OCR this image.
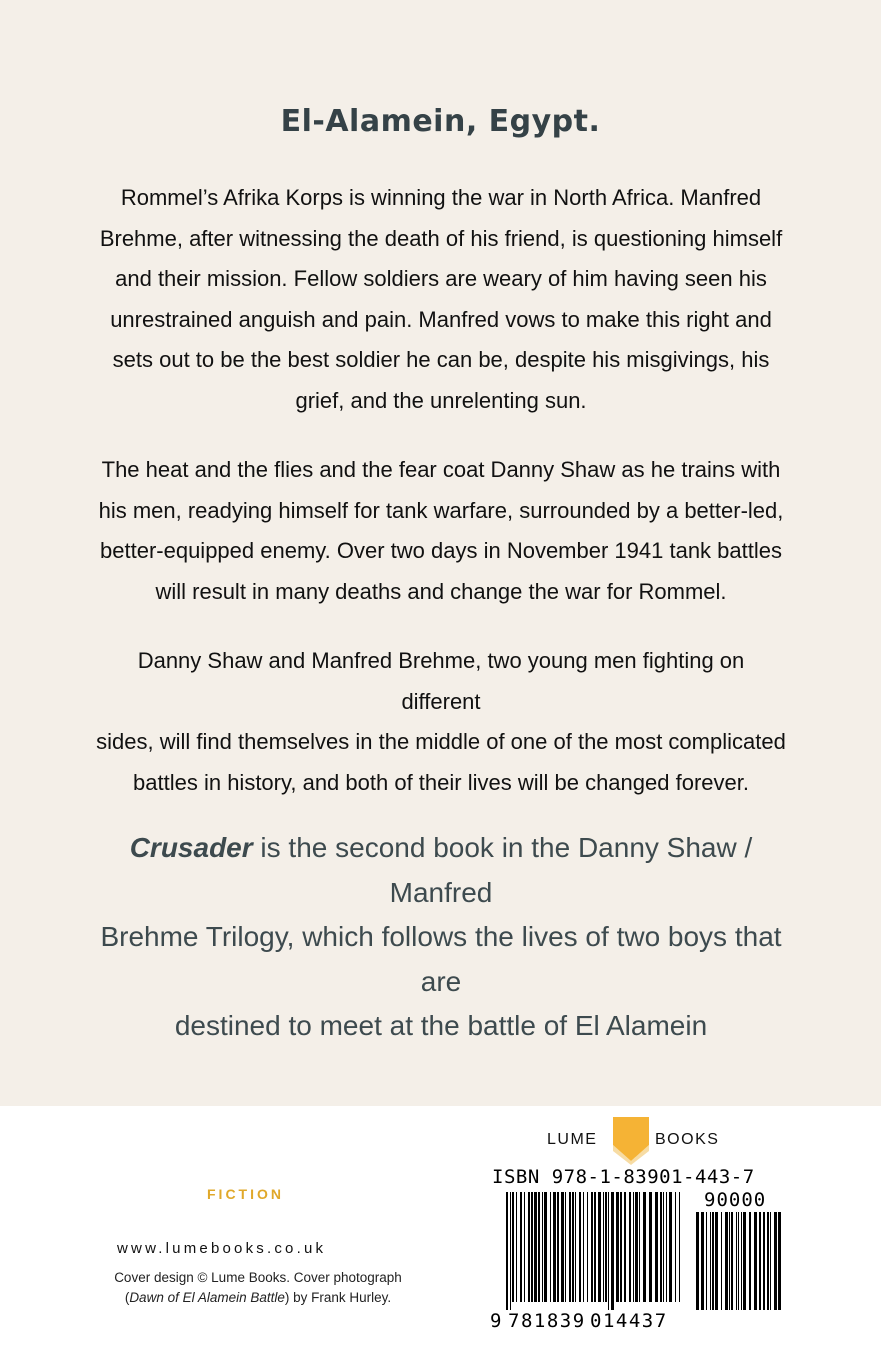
El-Alamein, Egypt.
Rommel’s Afrika Korps is winning the war in North Africa. Manfred
Brehme, after witnessing the death of his friend, is questioning himself
and their mission. Fellow soldiers are weary of him having seen his
unrestrained anguish and pain. Manfred vows to make this right and
sets out to be the best soldier he can be, despite his misgivings, his
grief, and the unrelenting sun.
The heat and the flies and the fear coat Danny Shaw as he trains with
his men, readying himself for tank warfare, surrounded by a better-led,
better-equipped enemy. Over two days in November 1941 tank battles
will result in many deaths and change the war for Rommel.
Danny Shaw and Manfred Brehme, two young men fighting on different
sides, will find themselves in the middle of one of the most complicated
battles in history, and both of their lives will be changed forever.
Crusader is the second book in the Danny Shaw / Manfred
Brehme Trilogy, which follows the lives of two boys that are
destined to meet at the battle of El Alamein
FICTION
www.lumebooks.co.uk
Cover design © Lume Books. Cover photograph
(Dawn of El Alamein Battle) by Frank Hurley.
LUME	BOOKS
ISBN 978-1-83901-443-7
9 781839 014437
90000
